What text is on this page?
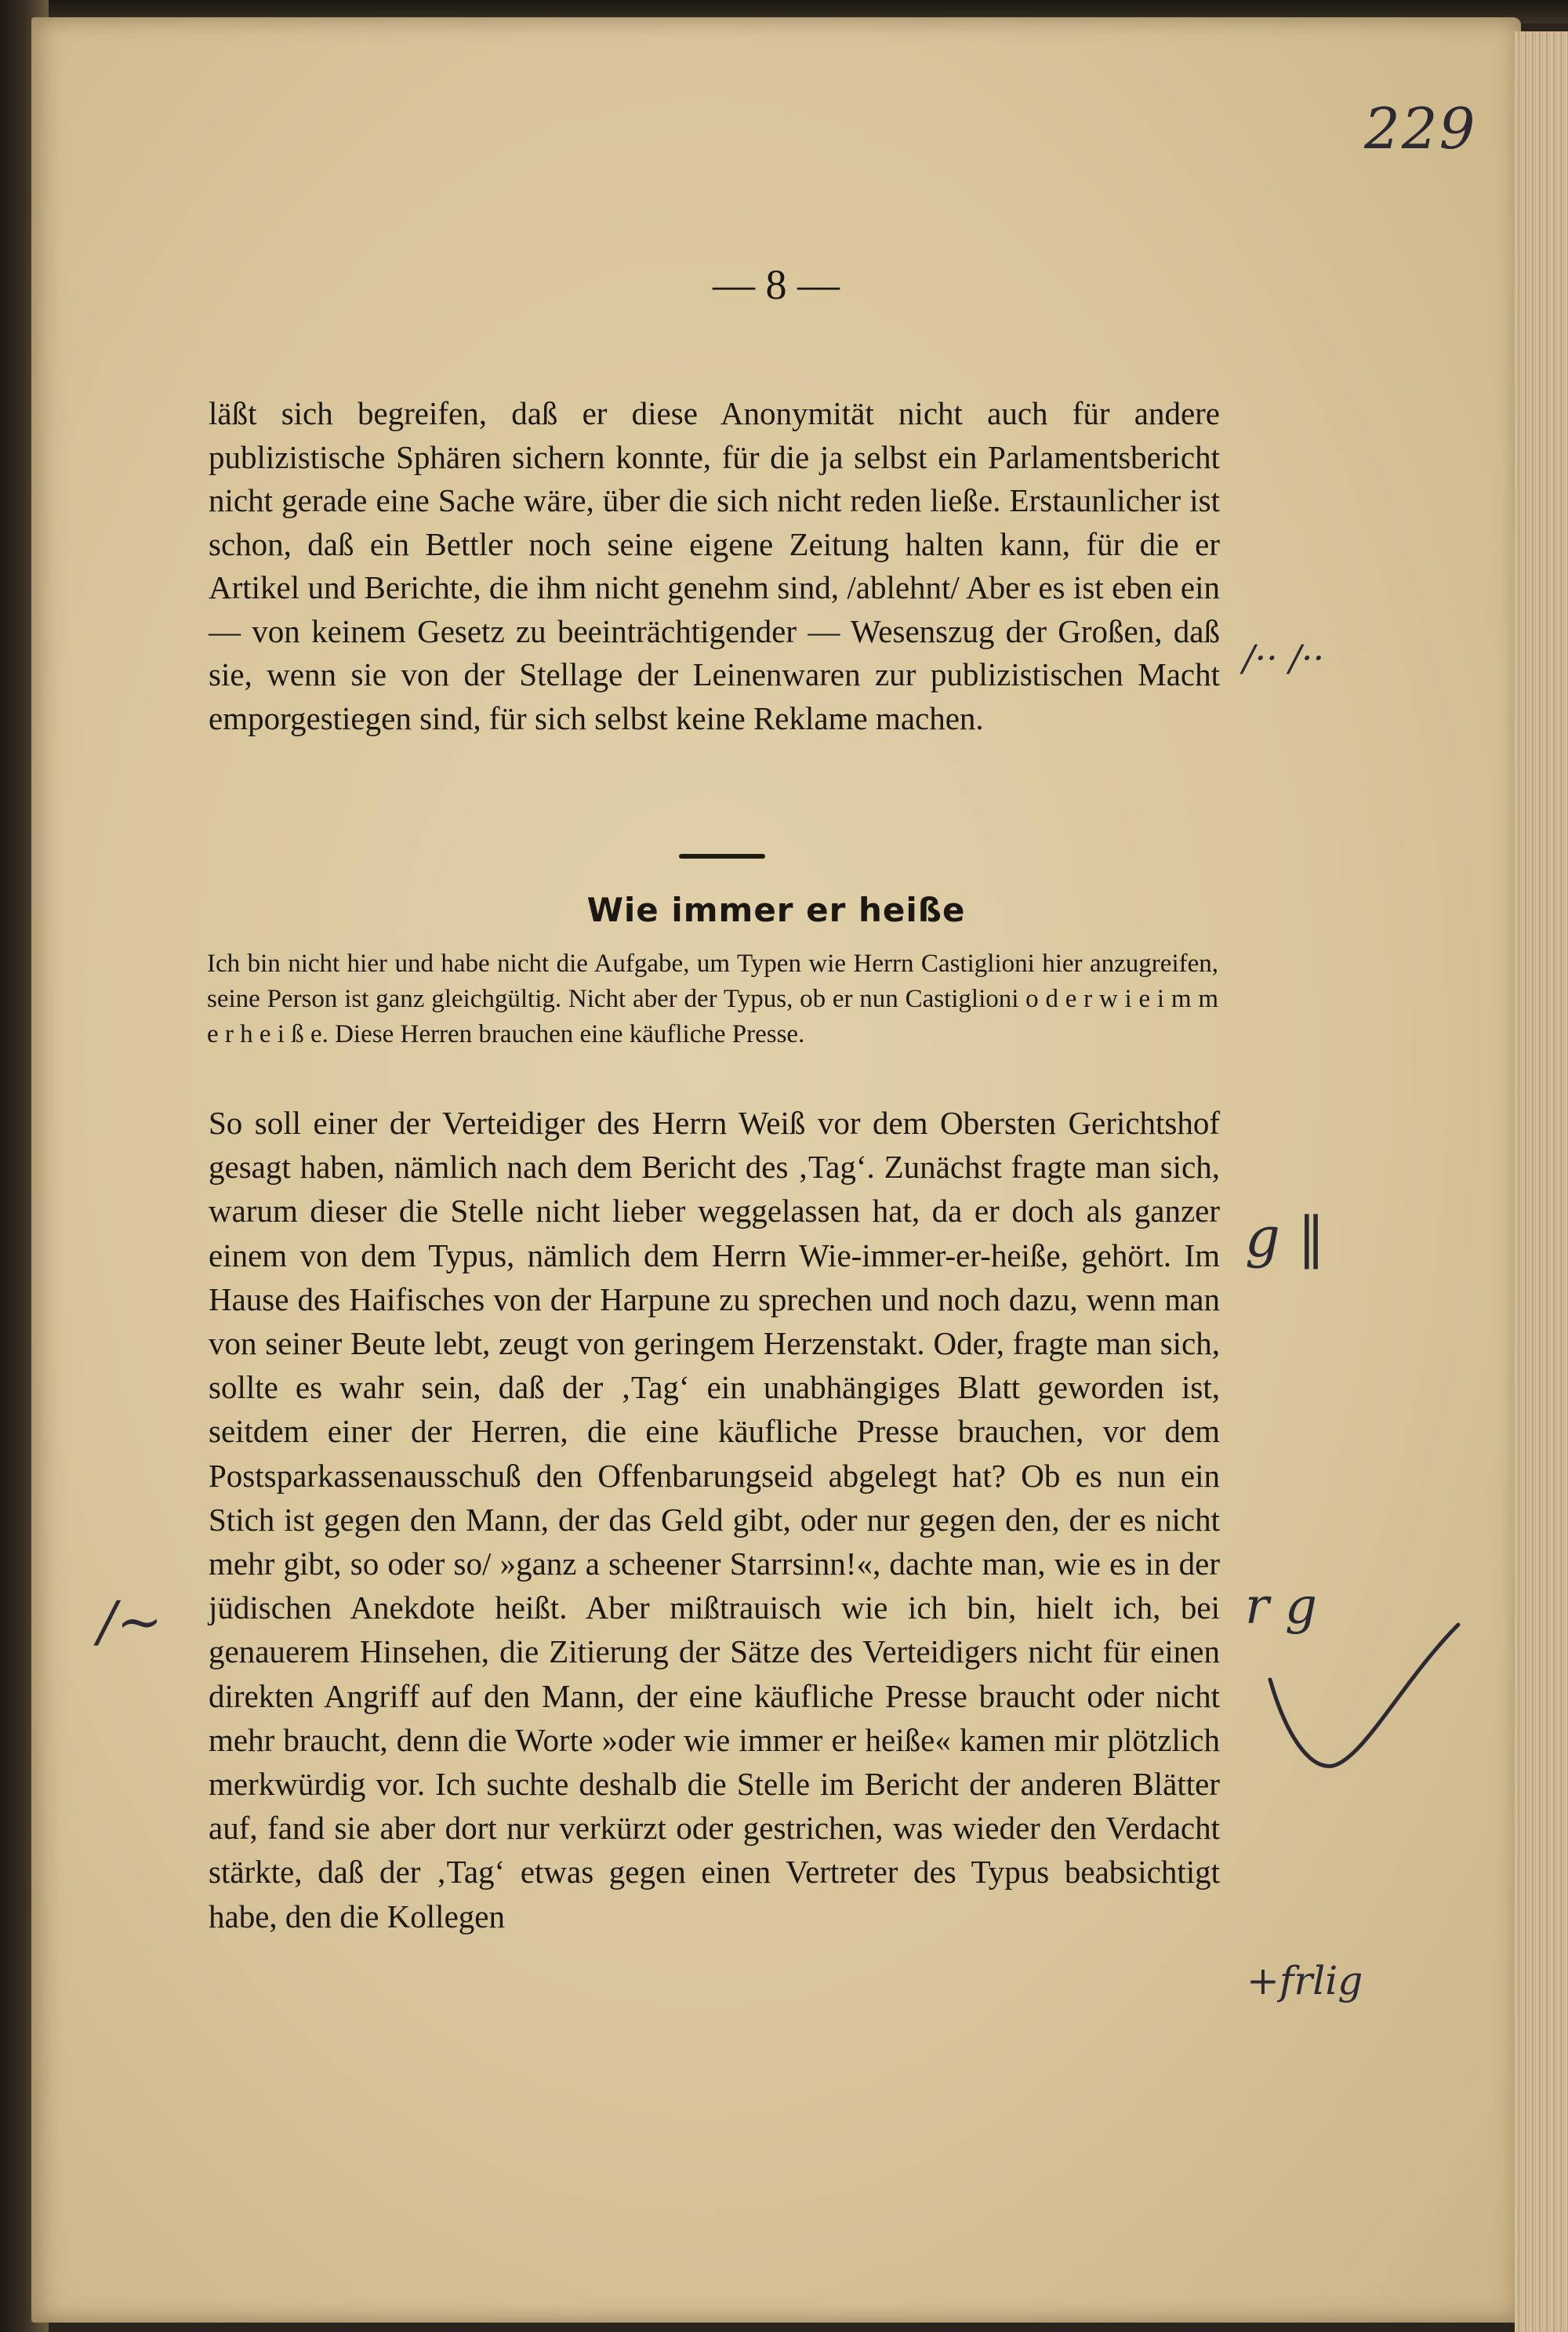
229
— 8 —
läßt sich begreifen, daß er diese Anonymität nicht auch für andere publizistische Sphären sichern konnte, für die ja selbst ein Parlamentsbericht nicht gerade eine Sache wäre, über die sich nicht reden ließe. Erstaunlicher ist schon, daß ein Bettler noch seine eigene Zeitung halten kann, für die er Artikel und Berichte, die ihm nicht genehm sind, /ablehnt/ Aber es ist eben ein — von keinem Gesetz zu beeinträchtigender — Wesenszug der Großen, daß sie, wenn sie von der Stellage der Leinenwaren zur publizistischen Macht emporgestiegen sind, für sich selbst keine Reklame machen.
Wie immer er heiße
Ich bin nicht hier und habe nicht die Aufgabe, um Typen wie Herrn Castiglioni hier anzugreifen, seine Person ist ganz gleichgültig. Nicht aber der Typus, ob er nun Castiglioni o d e r w i e i m m e r h e i ß e. Diese Herren brauchen eine käufliche Presse.
So soll einer der Verteidiger des Herrn Weiß vor dem Obersten Gerichtshof gesagt haben, nämlich nach dem Bericht des ‚Tag‘. Zunächst fragte man sich, warum dieser die Stelle nicht lieber weggelassen hat, da er doch als ganzer einem von dem Typus, nämlich dem Herrn Wie-immer-er-heiße, gehört. Im Hause des Haifisches von der Harpune zu sprechen und noch dazu, wenn man von seiner Beute lebt, zeugt von geringem Herzenstakt. Oder, fragte man sich, sollte es wahr sein, daß der ‚Tag‘ ein unabhängiges Blatt geworden ist, seitdem einer der Herren, die eine käufliche Presse brauchen, vor dem Postsparkassenausschuß den Offenbarungseid abgelegt hat? Ob es nun ein Stich ist gegen den Mann, der das Geld gibt, oder nur gegen den, der es nicht mehr gibt, so oder so/ »ganz a scheener Starrsinn!«, dachte man, wie es in der jüdischen Anekdote heißt. Aber mißtrauisch wie ich bin, hielt ich, bei genauerem Hinsehen, die Zitierung der Sätze des Verteidigers nicht für einen direkten Angriff auf den Mann, der eine käufliche Presse braucht oder nicht mehr braucht, denn die Worte »oder wie immer er heiße« kamen mir plötzlich merkwürdig vor. Ich suchte deshalb die Stelle im Bericht der anderen Blätter auf, fand sie aber dort nur verkürzt oder gestrichen, was wieder den Verdacht stärkte, daß der ‚Tag‘ etwas gegen einen Vertreter des Typus beabsichtigt habe, den die Kollegen
/·· /··
g ‖
/~	r g
+frlig
